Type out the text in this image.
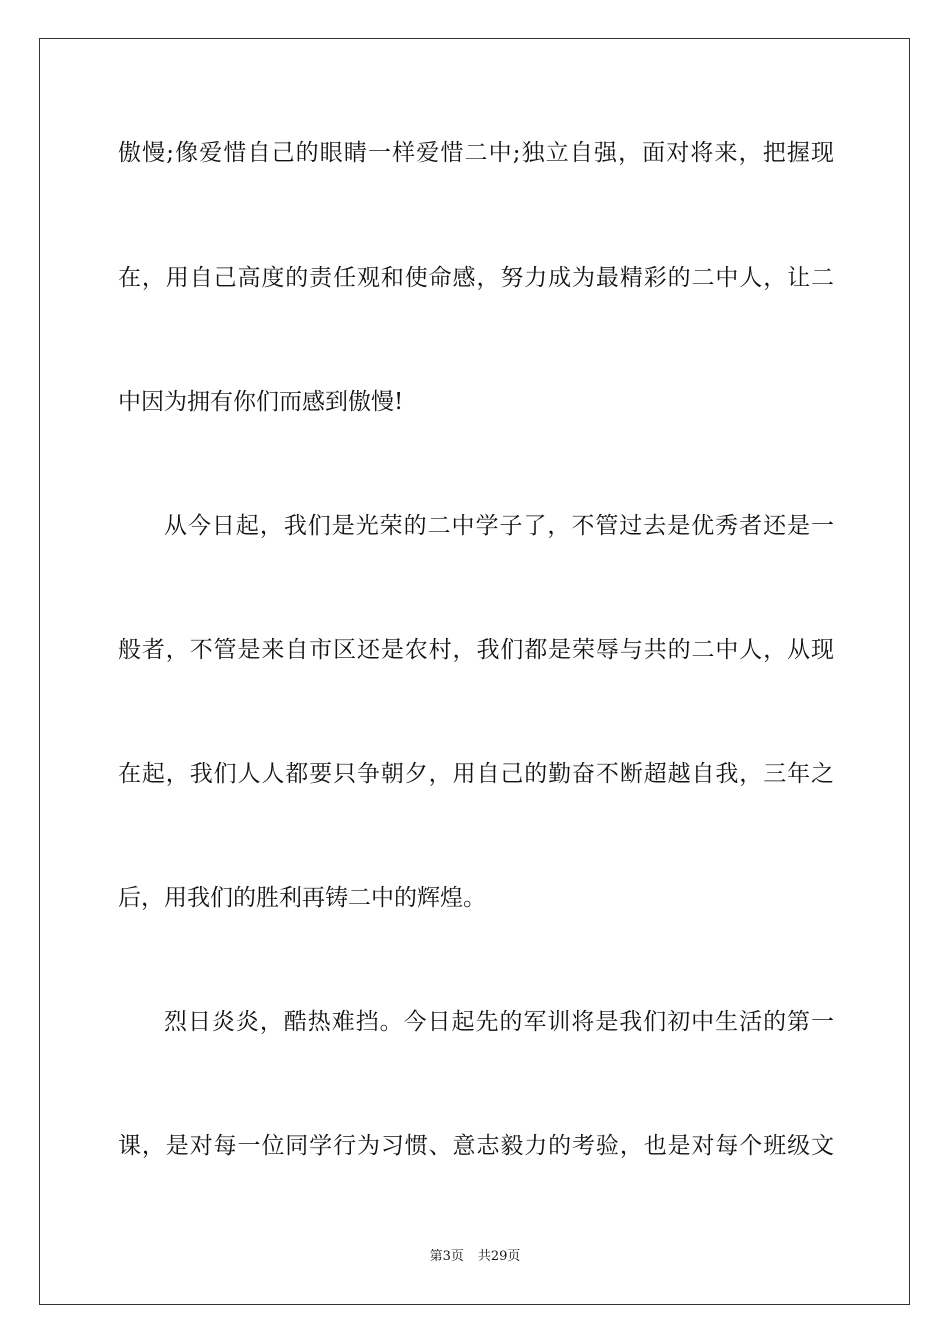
傲慢;像爱惜自己的眼睛一样爱惜二中;独立自强，面对将来，把握现
在，用自己高度的责任观和使命感，努力成为最精彩的二中人，让二
中因为拥有你们而感到傲慢!
从今日起，我们是光荣的二中学子了，不管过去是优秀者还是一
般者，不管是来自市区还是农村，我们都是荣辱与共的二中人，从现
在起，我们人人都要只争朝夕，用自己的勤奋不断超越自我，三年之
后，用我们的胜利再铸二中的辉煌。
烈日炎炎，酷热难挡。今日起先的军训将是我们初中生活的第一
课，是对每一位同学行为习惯、意志毅力的考验，也是对每个班级文
第3页 共29页
